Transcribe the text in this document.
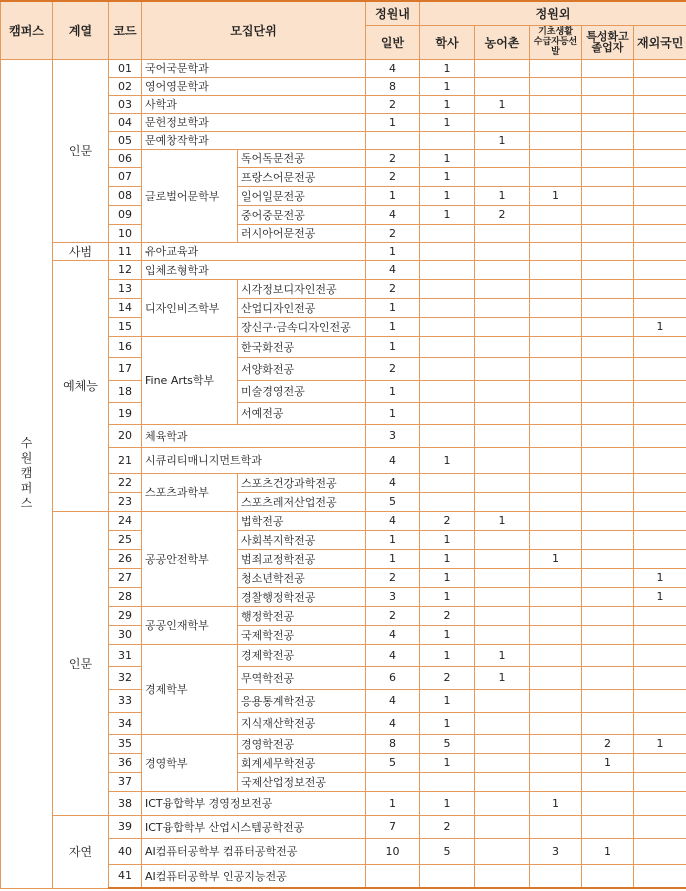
캠퍼스	계열	코드	모집단위		정원내	정원외				
					일반	학사	농어촌	기초생활 수급자등선발	특성화고 졸업자	재외국민

수원캠퍼스	인문	01	국어국문학과		4	1				
		02	영어영문학과		8	1				
		03	사학과		2	1	1			
		04	문헌정보학과		1	1				
		05	문예창작학과				1			
		06	글로벌어문학부	독어독문전공	2	1				
		07		프랑스어문전공	2	1				
		08		일어일문전공	1	1	1	1		
		09		중어중문전공	4	1	2			
		10		러시아어문전공	2					
	사범	11	유아교육과		1					
	예체능	12	입체조형학과		4					
		13	디자인비즈학부	시각정보디자인전공	2					
		14		산업디자인전공	1					
		15		장신구·금속디자인전공	1					1
		16	Fine Arts학부	한국화전공	1					
		17		서양화전공	2					
		18		미술경영전공	1					
		19		서예전공	1					
		20	체육학과		3					
		21	시큐리티매니지먼트학과		4	1				
		22	스포츠과학부	스포츠건강과학전공	4					
		23		스포츠레저산업전공	5					
	인문	24	공공안전학부	법학전공	4	2	1			
		25		사회복지학전공	1	1				
		26		범죄교정학전공	1	1		1		
		27		청소년학전공	2	1				1
		28		경찰행정학전공	3	1				1
		29	공공인재학부	행정학전공	2	2				
		30		국제학전공	4	1				
		31	경제학부	경제학전공	4	1	1			
		32		무역학전공	6	2	1			
		33		응용통계학전공	4	1				
		34		지식재산학전공	4	1				
		35	경영학부	경영학전공	8	5			2	1
		36		회계세무학전공	5	1			1	
		37		국제산업정보전공						
		38	ICT융합학부 경영정보전공		1	1		1		
	자연	39	ICT융합학부 산업시스템공학전공		7	2				
		40	AI컴퓨터공학부 컴퓨터공학전공		10	5		3	1	
		41	AI컴퓨터공학부 인공지능전공							
